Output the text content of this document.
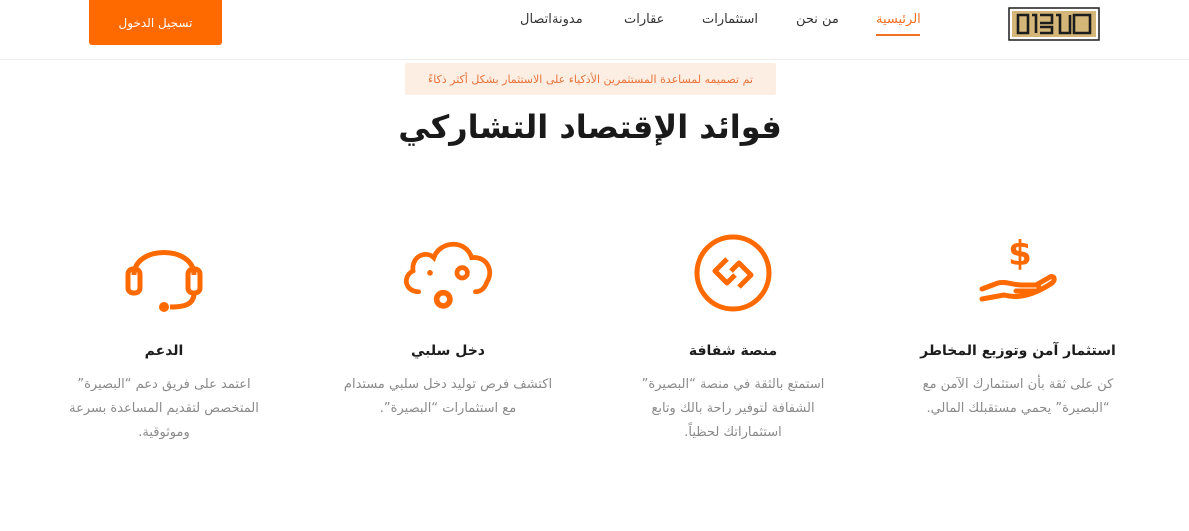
الرئيسية
من نحن
استثمارات
عقارات
مدونة
اتصال
تسجيل الدخول
تم تصميمه لمساعدة المستثمرين الأذكياء على الاستثمار بشكل أكثر ذكاءً
فوائد الإقتصاد التشاركي
$
استثمار آمن وتوزيع المخاطر
كن على ثقة بأن استثمارك الآمن مع “البصيرة” يحمي مستقبلك المالي.
منصة شفافة
استمتع بالثقة في منصة “البصيرة” الشفافة لتوفير راحة بالك وتابع استثماراتك لحظياً.
دخل سلبي
اكتشف فرص توليد دخل سلبي مستدام مع استثمارات “البصيرة”.
الدعم
اعتمد على فريق دعم “البصيرة” المتخصص لتقديم المساعدة بسرعة وموثوقية.
